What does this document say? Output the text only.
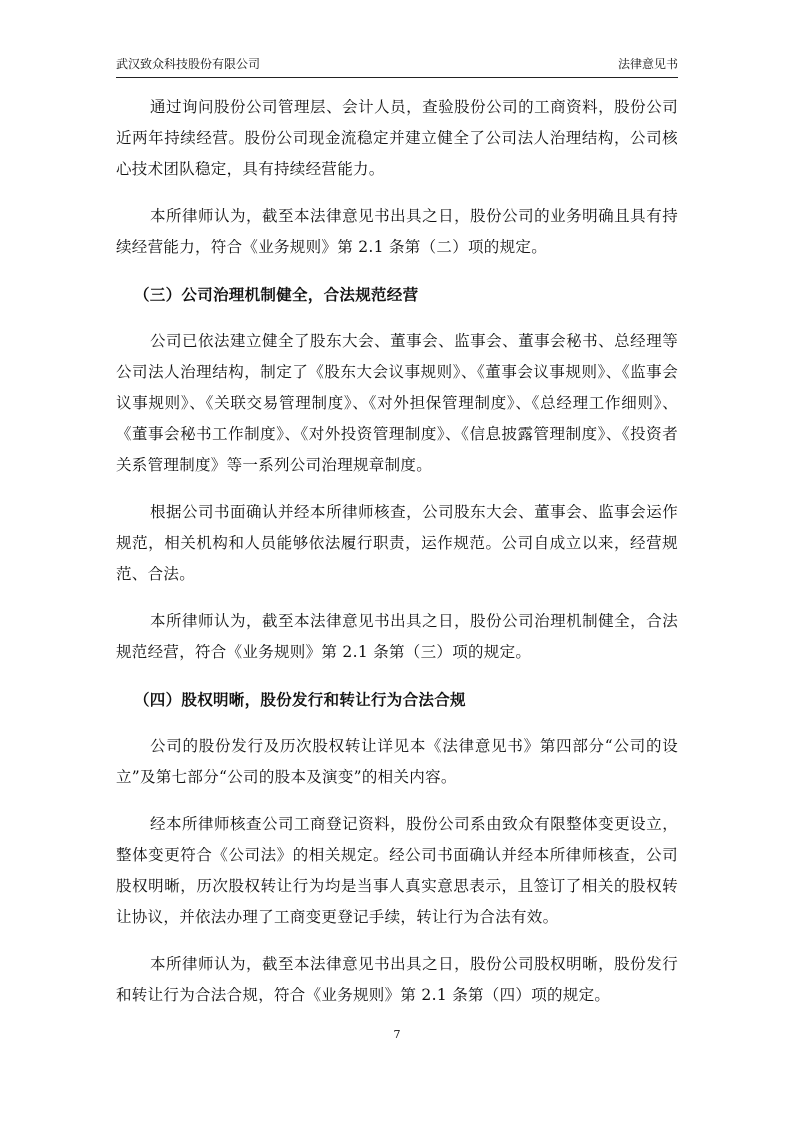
武汉致众科技股份有限公司	法律意见书

通过询问股份公司管理层、会计人员，查验股份公司的工商资料，股份公司近两年持续经营。股份公司现金流稳定并建立健全了公司法人治理结构，公司核心技术团队稳定，具有持续经营能力。

本所律师认为，截至本法律意见书出具之日，股份公司的业务明确且具有持续经营能力，符合《业务规则》第 2.1 条第（二）项的规定。

（三）公司治理机制健全，合法规范经营

公司已依法建立健全了股东大会、董事会、监事会、董事会秘书、总经理等公司法人治理结构，制定了《股东大会议事规则》、《董事会议事规则》、《监事会议事规则》、《关联交易管理制度》、《对外担保管理制度》、《总经理工作细则》、《董事会秘书工作制度》、《对外投资管理制度》、《信息披露管理制度》、《投资者关系管理制度》等一系列公司治理规章制度。

根据公司书面确认并经本所律师核查，公司股东大会、董事会、监事会运作规范，相关机构和人员能够依法履行职责，运作规范。公司自成立以来，经营规范、合法。

本所律师认为，截至本法律意见书出具之日，股份公司治理机制健全，合法规范经营，符合《业务规则》第 2.1 条第（三）项的规定。

（四）股权明晰，股份发行和转让行为合法合规

公司的股份发行及历次股权转让详见本《法律意见书》第四部分“公司的设立”及第七部分“公司的股本及演变”的相关内容。

经本所律师核查公司工商登记资料，股份公司系由致众有限整体变更设立，整体变更符合《公司法》的相关规定。经公司书面确认并经本所律师核查，公司股权明晰，历次股权转让行为均是当事人真实意思表示，且签订了相关的股权转让协议，并依法办理了工商变更登记手续，转让行为合法有效。

本所律师认为，截至本法律意见书出具之日，股份公司股权明晰，股份发行和转让行为合法合规，符合《业务规则》第 2.1 条第（四）项的规定。

7
